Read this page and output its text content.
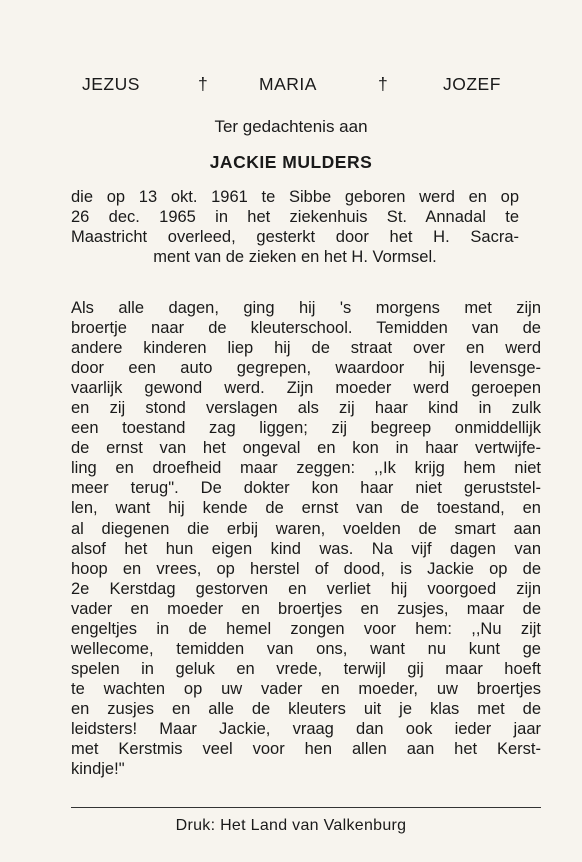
JEZUS	†	MARIA	†	JOZEF
Ter gedachtenis aan
JACKIE MULDERS
die op 13 okt. 1961 te Sibbe geboren werd en op
26 dec. 1965 in het ziekenhuis St. Annadal te
Maastricht overleed, gesterkt door het H. Sacra-
ment van de zieken en het H. Vormsel.
Als alle dagen, ging hij 's morgens met zijn
broertje naar de kleuterschool. Temidden van de
andere kinderen liep hij de straat over en werd
door een auto gegrepen, waardoor hij levensge-
vaarlijk gewond werd. Zijn moeder werd geroepen
en zij stond verslagen als zij haar kind in zulk
een toestand zag liggen; zij begreep onmiddellijk
de ernst van het ongeval en kon in haar vertwijfe-
ling en droefheid maar zeggen: ,,Ik krijg hem niet
meer terug". De dokter kon haar niet geruststel-
len, want hij kende de ernst van de toestand, en
al diegenen die erbij waren, voelden de smart aan
alsof het hun eigen kind was. Na vijf dagen van
hoop en vrees, op herstel of dood, is Jackie op de
2e Kerstdag gestorven en verliet hij voorgoed zijn
vader en moeder en broertjes en zusjes, maar de
engeltjes in de hemel zongen voor hem: ,,Nu zijt
wellecome, temidden van ons, want nu kunt ge
spelen in geluk en vrede, terwijl gij maar hoeft
te wachten op uw vader en moeder, uw broertjes
en zusjes en alle de kleuters uit je klas met de
leidsters! Maar Jackie, vraag dan ook ieder jaar
met Kerstmis veel voor hen allen aan het Kerst-
kindje!"
Druk: Het Land van Valkenburg
